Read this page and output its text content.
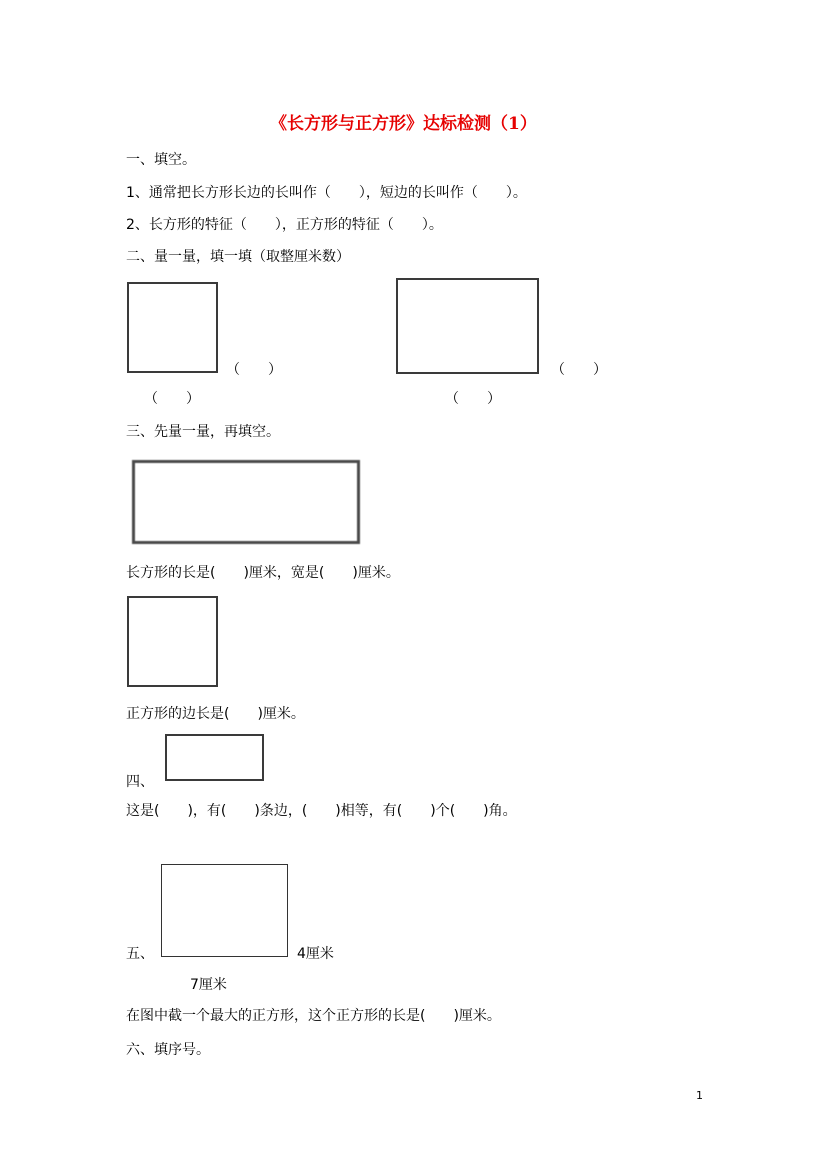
《长方形与正方形》达标检测（1）
一、填空。
1、通常把长方形长边的长叫作（　　），短边的长叫作（　　）。
2、长方形的特征（　　），正方形的特征（　　）。
二、量一量，填一填（取整厘米数）
（　　）
（　　）
（　　）
（　　）
三、先量一量，再填空。
长方形的长是(　　)厘米，宽是(　　)厘米。
正方形的边长是(　　)厘米。
四、
这是(　　)，有(　　)条边，(　　)相等，有(　　)个(　　)角。
五、	4厘米
7厘米
在图中截一个最大的正方形，这个正方形的长是(　　)厘米。
六、填序号。
1
